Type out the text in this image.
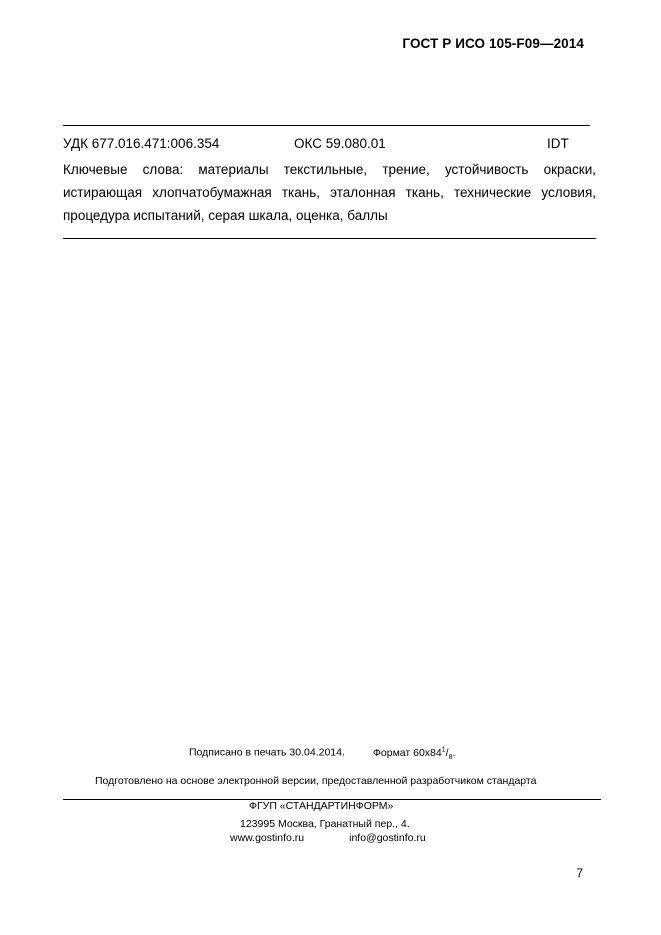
ГОСТ Р ИСО 105-F09—2014
УДК 677.016.471:006.354	ОКС 59.080.01	IDT
Ключевые слова: материалы текстильные, трение, устойчивость окраски, истирающая хлопчатобумажная ткань, эталонная ткань, технические условия, процедура испытаний, серая шкала, оценка, баллы
Подписано в печать 30.04.2014.	Формат $60x84^1/_8$.
Подготовлено на основе электронной версии, предоставленной разработчиком стандарта
ФГУП «СТАНДАРТИНФОРМ»
123995 Москва, Гранатный пер., 4.
www.gostinfo.ru	info@gostinfo.ru
7
